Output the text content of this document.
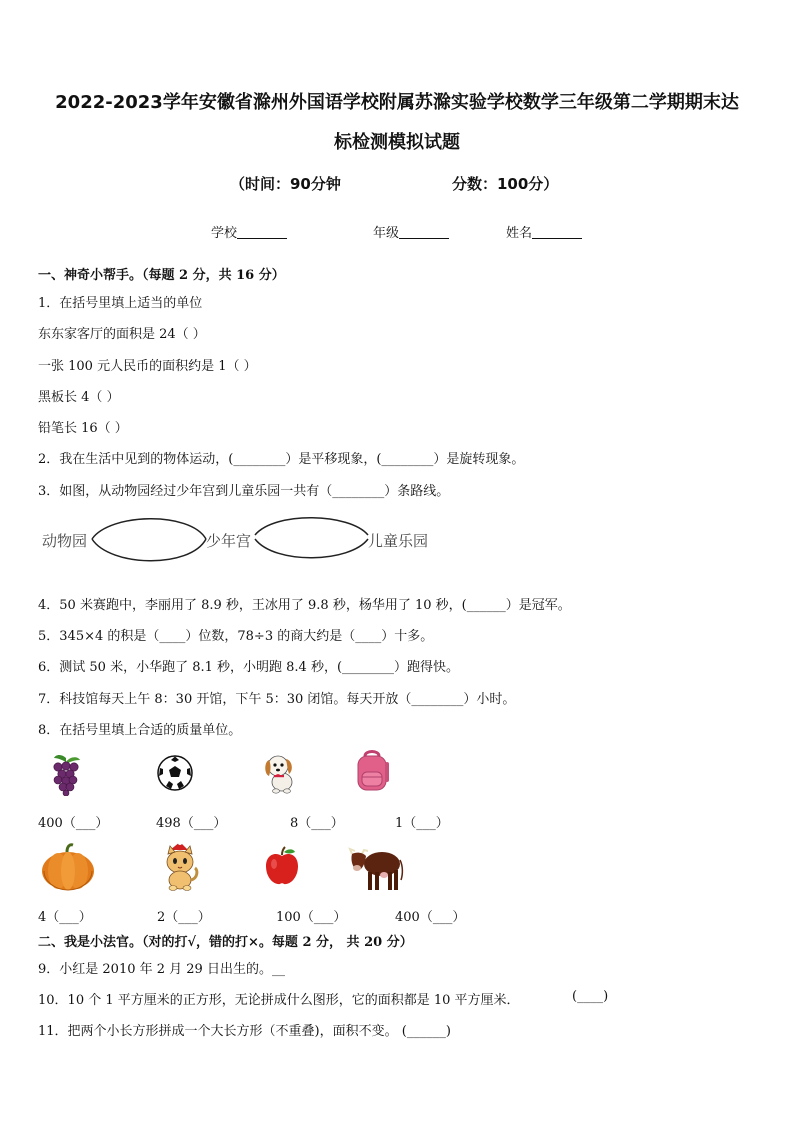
2022-2023学年安徽省滁州外国语学校附属苏滁实验学校数学三年级第二学期期末达
标检测模拟试题
（时间：90分钟	分数：100分）
学校	年级	姓名
一、神奇小帮手。（每题 2 分，共 16 分）
1．在括号里填上适当的单位
东东家客厅的面积是 24（ ）
一张 100 元人民币的面积约是 1（ ）
黑板长 4（ ）
铅笔长 16（ ）
2．我在生活中见到的物体运动，(________）是平移现象，(________）是旋转现象。
3．如图，从动物园经过少年宫到儿童乐园一共有（________）条路线。
动物园	少年宫	儿童乐园
4．50 米赛跑中，李丽用了 8.9 秒，王冰用了 9.8 秒，杨华用了 10 秒，(______）是冠军。
5．345×4 的积是（____）位数，78÷3 的商大约是（____）十多。
6．测试 50 米，小华跑了 8.1 秒，小明跑 8.4 秒，(________）跑得快。
7．科技馆每天上午 8：30 开馆，下午 5：30 闭馆。每天开放（________）小时。
8．在括号里填上合适的质量单位。
400（___）	498（___）	8（___）	1（___）
4（___）	2（___）	100（___）	400（___）
二、我是小法官。（对的打√，错的打×。每题 2 分， 共 20 分）
9．小红是 2010 年 2 月 29 日出生的。__
10．10 个 1 平方厘米的正方形，无论拼成什么图形，它的面积都是 10 平方厘米．	(____)
11．把两个小长方形拼成一个大长方形（不重叠)，面积不变。 (______)
